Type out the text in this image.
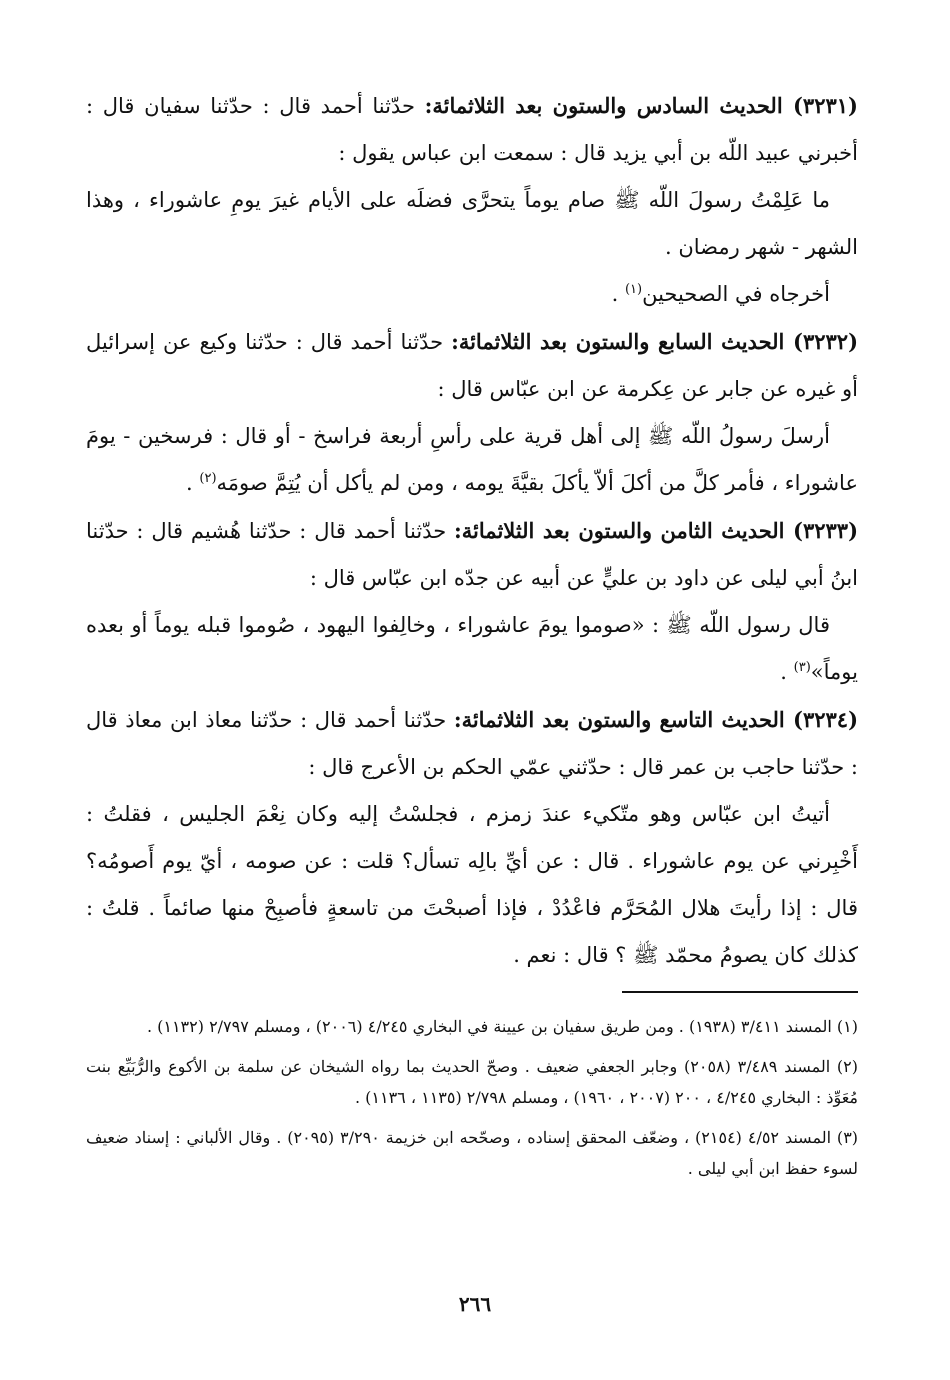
(٣٢٣١) الحديث السادس والستون بعد الثلاثمائة: حدّثنا أحمد قال : حدّثنا سفيان قال : أخبرني عبيد اللّه بن أبي يزيد قال : سمعت ابن عباس يقول :

ما عَلِمْتُ رسولَ اللّه ﷺ صام يوماً يتحرَّى فضلَه على الأيام غيرَ يومِ عاشوراء ، وهذا الشهر - شهر رمضان .

أخرجاه في الصحيحين$^{(١)}$ .

(٣٢٣٢) الحديث السابع والستون بعد الثلاثمائة: حدّثنا أحمد قال : حدّثنا وكيع عن إسرائيل أو غيره عن جابر عن عِكرمة عن ابن عبّاس قال :

أرسلَ رسولُ اللّه ﷺ إلى أهل قرية على رأسِ أربعة فراسخ - أو قال : فرسخين - يومَ عاشوراء ، فأمر كلَّ من أكلَ ألاّ يأكلَ بقيَّةَ يومه ، ومن لم يأكل أن يُتِمَّ صومَه$^{(٢)}$ .

(٣٢٣٣) الحديث الثامن والستون بعد الثلاثمائة: حدّثنا أحمد قال : حدّثنا هُشيم قال : حدّثنا ابنُ أبي ليلى عن داود بن عليٍّ عن أبيه عن جدّه ابن عبّاس قال :

قال رسول اللّه ﷺ : «صوموا يومَ عاشوراء ، وخالِفوا اليهود ، صُوموا قبله يوماً أو بعده يوماً»$^{(٣)}$ .

(٣٢٣٤) الحديث التاسع والستون بعد الثلاثمائة: حدّثنا أحمد قال : حدّثنا معاذ ابن معاذ قال : حدّثنا حاجب بن عمر قال : حدّثني عمّي الحكم بن الأعرج قال :

أتيتُ ابن عبّاس وهو متّكيء عندَ زمزم ، فجلسْتُ إليه وكان نِعْمَ الجليس ، فقلتُ : أَخْبِرني عن يوم عاشوراء . قال : عن أيِّ بالِه تسأل؟ قلت : عن صومه ، أيّ يوم أَصومُه؟ قال : إذا رأيتَ هلال المُحَرَّم فاعْدُدْ ، فإذا أصبحْتَ من تاسعةٍ فأصبِحْ منها صائماً . قلتُ : كذلك كان يصومُ محمّد ﷺ ؟ قال : نعم .

(١) المسند ٣/٤١١ (١٩٣٨) . ومن طريق سفيان بن عيينة في البخاري ٤/٢٤٥ (٢٠٠٦) ، ومسلم ٢/٧٩٧ (١١٣٢) .

(٢) المسند ٣/٤٨٩ (٢٠٥٨) وجابر الجعفي ضعيف . وصحّ الحديث بما رواه الشيخان عن سلمة بن الأكوع والرُّبَيِّع بنت مُعَوِّذ : البخاري ٤/٢٤٥ ، ٢٠٠ (٢٠٠٧ ، ١٩٦٠) ، ومسلم ٢/٧٩٨ (١١٣٥ ، ١١٣٦) .

(٣) المسند ٤/٥٢ (٢١٥٤) ، وضعّف المحقق إسناده ، وصحّحه ابن خزيمة ٣/٢٩٠ (٢٠٩٥) . وقال الألباني : إسناد ضعيف لسوء حفظ ابن أبي ليلى .

٢٦٦
